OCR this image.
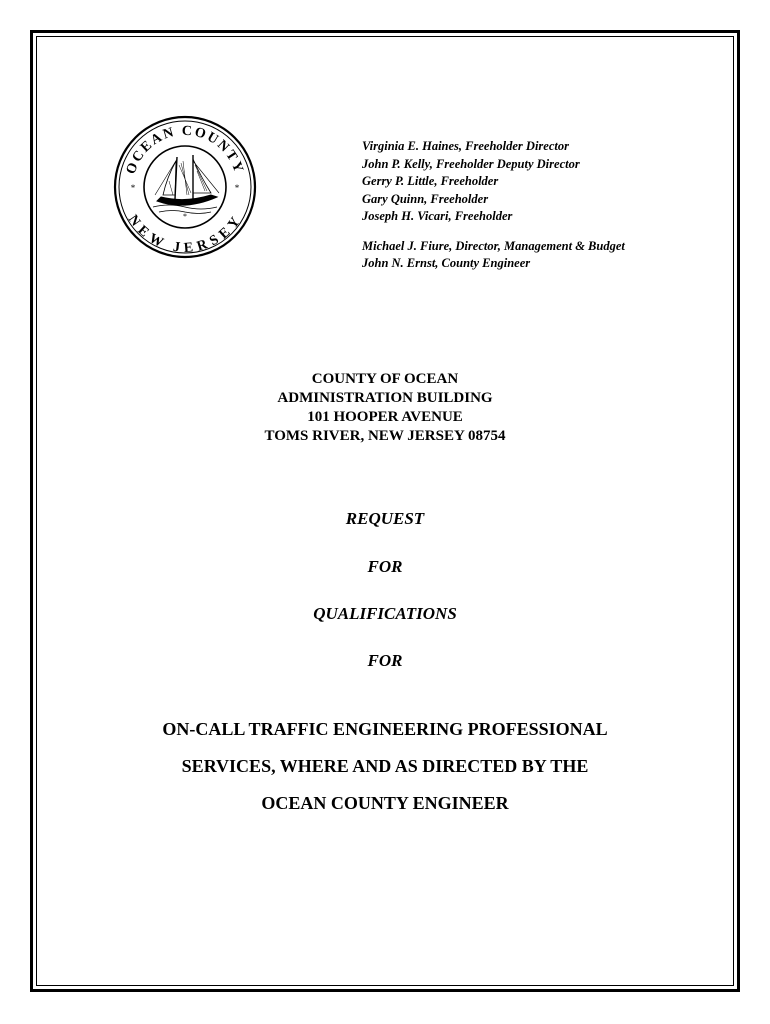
OCEAN COUNTY
NEW JERSEY
*	*
*
Virginia E. Haines, Freeholder Director
John P. Kelly, Freeholder Deputy Director
Gerry P. Little, Freeholder
Gary Quinn, Freeholder
Joseph H. Vicari, Freeholder
Michael J. Fiure, Director, Management & Budget
John N. Ernst, County Engineer
COUNTY OF OCEAN
ADMINISTRATION BUILDING
101 HOOPER AVENUE
TOMS RIVER, NEW JERSEY 08754
REQUEST
FOR
QUALIFICATIONS
FOR
ON-CALL TRAFFIC ENGINEERING PROFESSIONAL
SERVICES, WHERE AND AS DIRECTED BY THE
OCEAN COUNTY ENGINEER
